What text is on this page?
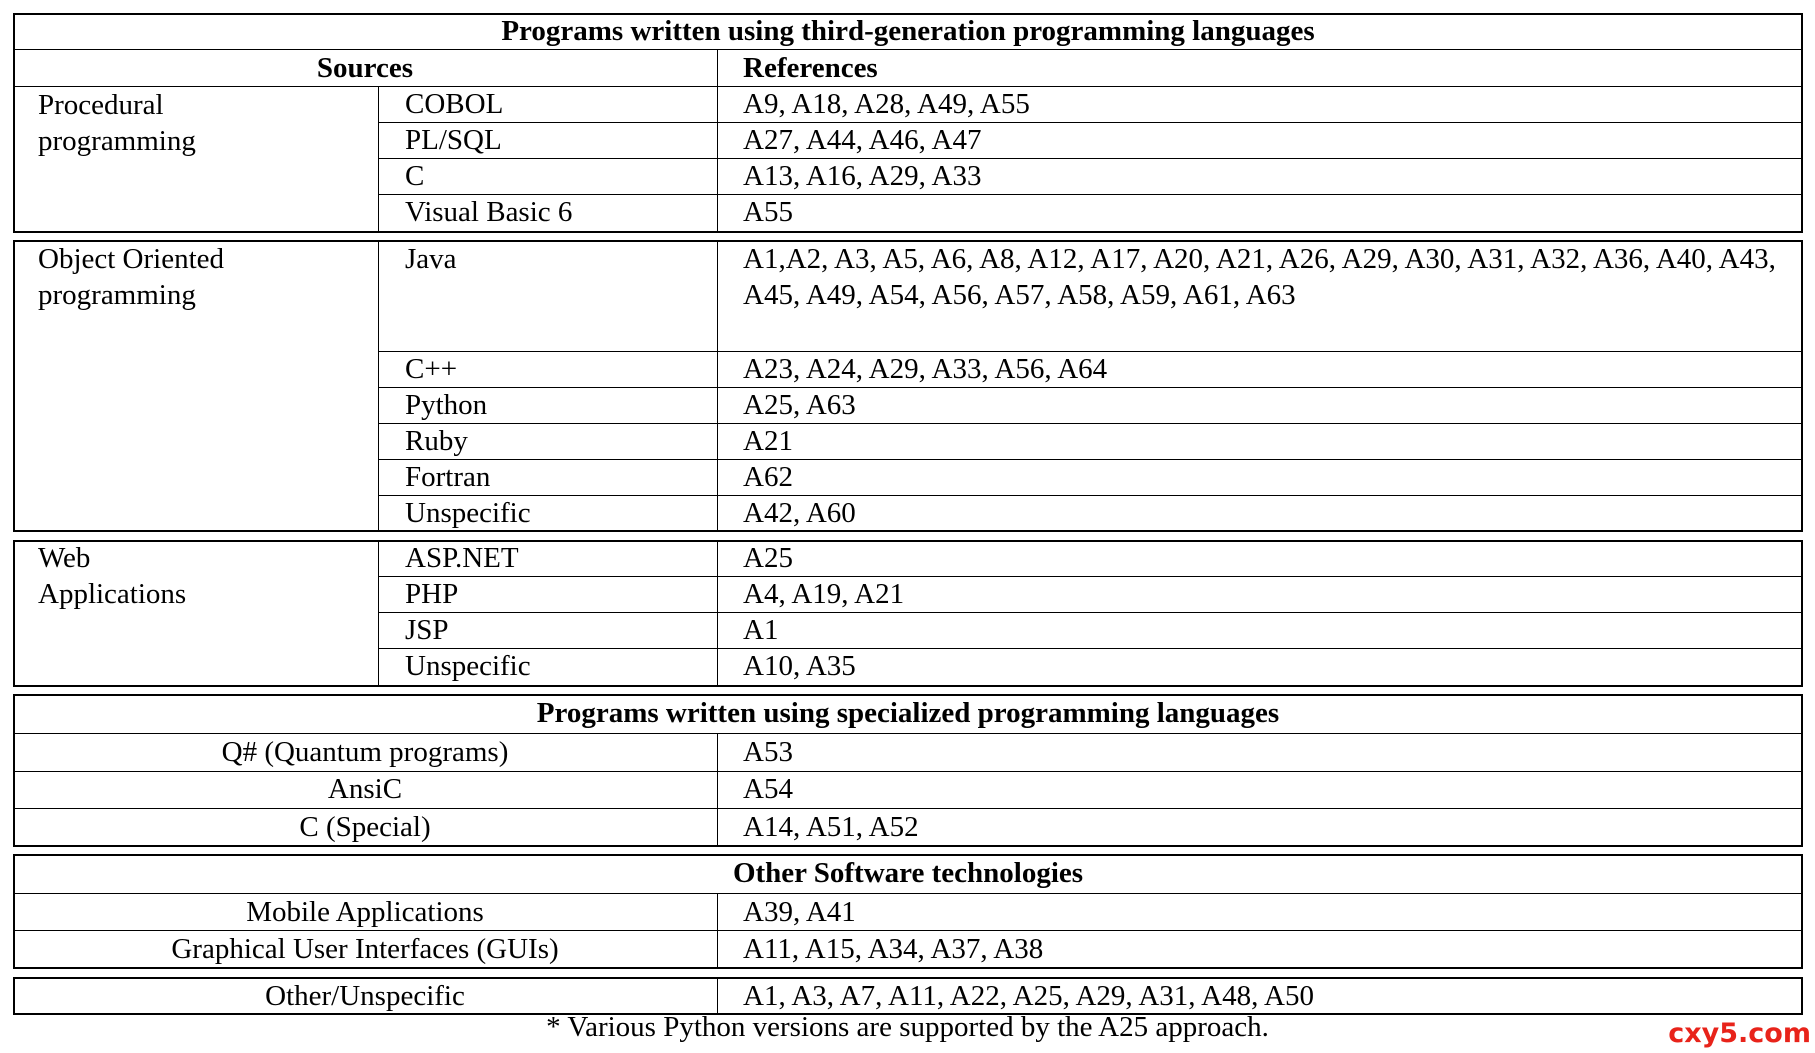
Programs written using third-generation programming languages
Sources	References
Procedural programming
COBOL	A9, A18, A28, A49, A55
PL/SQL	A27, A44, A46, A47
C	A13, A16, A29, A33
Visual Basic 6	A55
Object Oriented programming
Java	A1,A2, A3, A5, A6, A8, A12, A17, A20, A21, A26, A29, A30, A31, A32, A36, A40, A43, A45, A49, A54, A56, A57, A58, A59, A61, A63
C++	A23, A24, A29, A33, A56, A64
Python	A25, A63
Ruby	A21
Fortran	A62
Unspecific	A42, A60
Web Applications
ASP.NET	A25
PHP	A4, A19, A21
JSP	A1
Unspecific	A10, A35
Programs written using specialized programming languages
Q# (Quantum programs)	A53
AnsiC	A54
C (Special)	A14, A51, A52
Other Software technologies
Mobile Applications	A39, A41
Graphical User Interfaces (GUIs)	A11, A15, A34, A37, A38
Other/Unspecific	A1, A3, A7, A11, A22, A25, A29, A31, A48, A50
* Various Python versions are supported by the A25 approach.	cxy5.com
